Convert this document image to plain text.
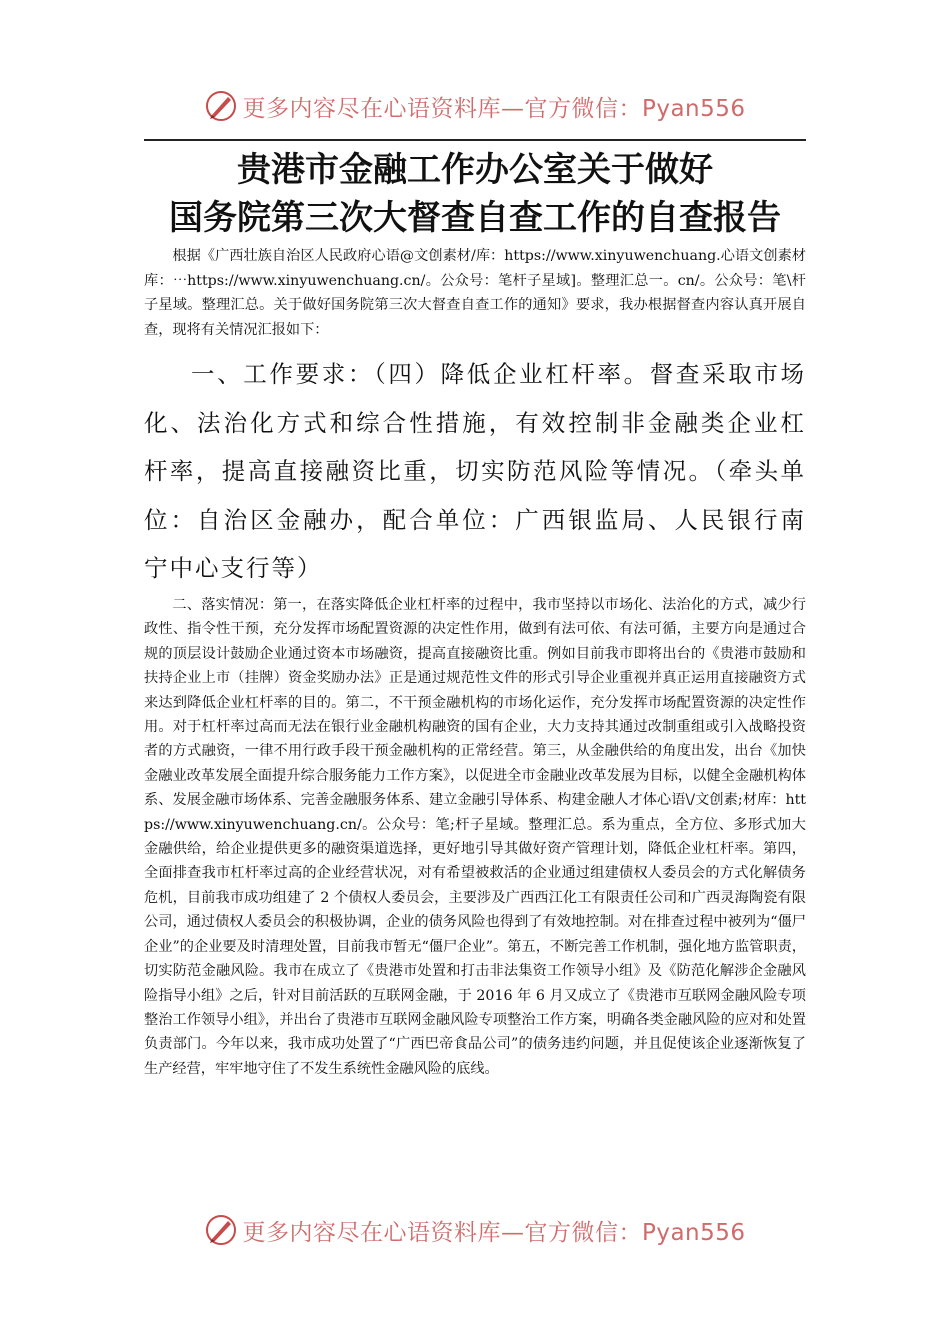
更多内容尽在心语资料库—官方微信：Pyan556
贵港市金融工作办公室关于做好
国务院第三次大督查自查工作的自查报告

根据《广西壮族自治区人民政府心语@文创素材/库：https://www.xinyuwenchuang.心语文创素材库：⋯https://www.xinyuwenchuang.cn/。公众号：笔杆子星域]。整理汇总一。cn/。公众号：笔\杆子星域。整理汇总。关于做好国务院第三次大督查自查工作的通知》要求，我办根据督查内容认真开展自查，现将有关情况汇报如下：

一、工作要求：（四）降低企业杠杆率。督查采取市场化、法治化方式和综合性措施，有效控制非金融类企业杠杆率，提高直接融资比重，切实防范风险等情况。（牵头单位：自治区金融办，配合单位：广西银监局、人民银行南宁中心支行等）

二、落实情况：第一，在落实降低企业杠杆率的过程中，我市坚持以市场化、法治化的方式，减少行政性、指令性干预，充分发挥市场配置资源的决定性作用，做到有法可依、有法可循，主要方向是通过合规的顶层设计鼓励企业通过资本市场融资，提高直接融资比重。例如目前我市即将出台的《贵港市鼓励和扶持企业上市（挂牌）资金奖励办法》正是通过规范性文件的形式引导企业重视并真正运用直接融资方式来达到降低企业杠杆率的目的。第二，不干预金融机构的市场化运作，充分发挥市场配置资源的决定性作用。对于杠杆率过高而无法在银行业金融机构融资的国有企业，大力支持其通过改制重组或引入战略投资者的方式融资，一律不用行政手段干预金融机构的正常经营。第三，从金融供给的角度出发，出台《加快金融业改革发展全面提升综合服务能力工作方案》，以促进全市金融业改革发展为目标，以健全金融机构体系、发展金融市场体系、完善金融服务体系、建立金融引导体系、构建金融人才体心语\/文创素;材库：https://www.xinyuwenchuang.cn/。公众号：笔;杆子星域。整理汇总。系为重点，全方位、多形式加大金融供给，给企业提供更多的融资渠道选择，更好地引导其做好资产管理计划，降低企业杠杆率。第四，全面排查我市杠杆率过高的企业经营状况，对有希望被救活的企业通过组建债权人委员会的方式化解债务危机，目前我市成功组建了 2 个债权人委员会，主要涉及广西西江化工有限责任公司和广西灵海陶瓷有限公司，通过债权人委员会的积极协调，企业的债务风险也得到了有效地控制。对在排查过程中被列为“僵尸企业”的企业要及时清理处置，目前我市暂无“僵尸企业”。第五，不断完善工作机制，强化地方监管职责，切实防范金融风险。我市在成立了《贵港市处置和打击非法集资工作领导小组》及《防范化解涉企金融风险指导小组》之后，针对目前活跃的互联网金融，于 2016 年 6 月又成立了《贵港市互联网金融风险专项整治工作领导小组》，并出台了贵港市互联网金融风险专项整治工作方案，明确各类金融风险的应对和处置负责部门。今年以来，我市成功处置了“广西巴帝食品公司”的债务违约问题，并且促使该企业逐渐恢复了生产经营，牢牢地守住了不发生系统性金融风险的底线。

更多内容尽在心语资料库—官方微信：Pyan556
